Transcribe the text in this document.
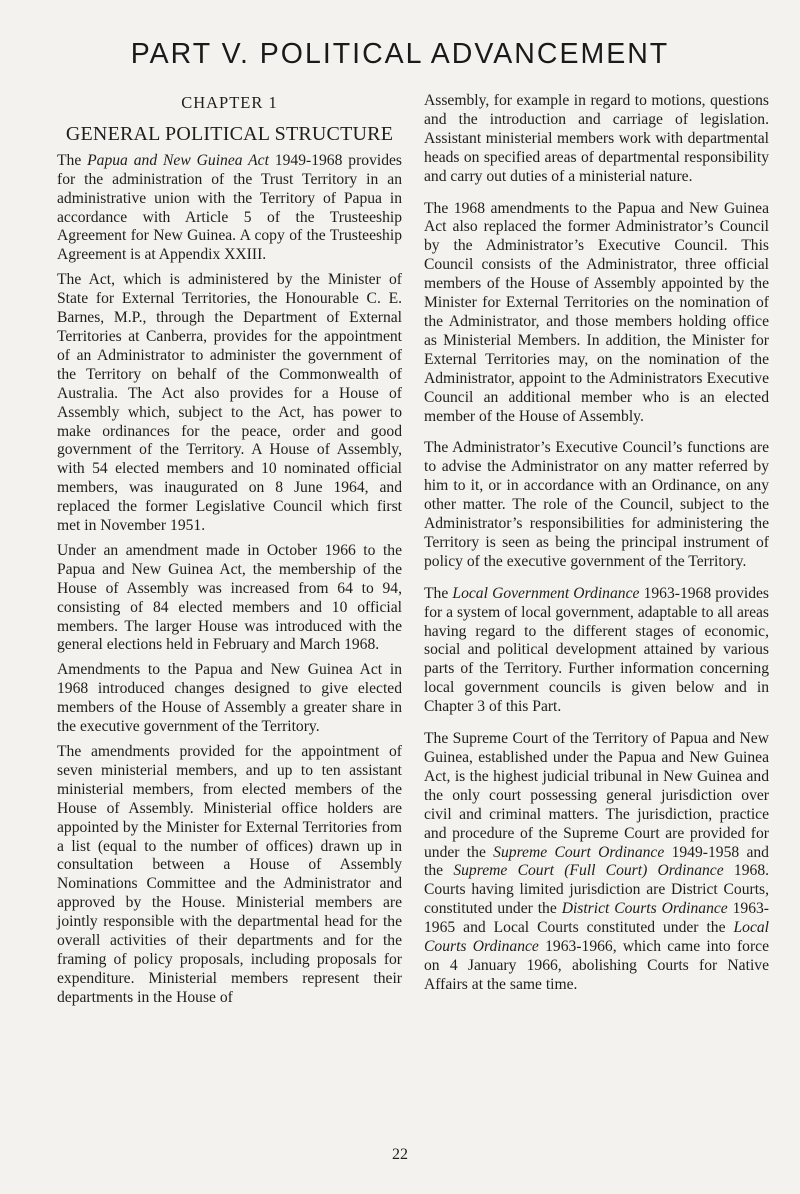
PART V. POLITICAL ADVANCEMENT
CHAPTER 1
GENERAL POLITICAL STRUCTURE

The Papua and New Guinea Act 1949-1968 provides for the administration of the Trust Territory in an administrative union with the Territory of Papua in accordance with Article 5 of the Trusteeship Agreement for New Guinea. A copy of the Trusteeship Agreement is at Appendix XXIII.

The Act, which is administered by the Minister of State for External Territories, the Honourable C. E. Barnes, M.P., through the Department of External Territories at Canberra, provides for the appointment of an Administrator to administer the government of the Territory on behalf of the Commonwealth of Australia. The Act also provides for a House of Assembly which, subject to the Act, has power to make ordinances for the peace, order and good government of the Territory. A House of Assembly, with 54 elected members and 10 nominated official members, was inaugurated on 8 June 1964, and replaced the former Legislative Council which first met in November 1951.

Under an amendment made in October 1966 to the Papua and New Guinea Act, the membership of the House of Assembly was increased from 64 to 94, consisting of 84 elected members and 10 official members. The larger House was introduced with the general elections held in February and March 1968.

Amendments to the Papua and New Guinea Act in 1968 introduced changes designed to give elected members of the House of Assembly a greater share in the executive government of the Territory.

The amendments provided for the appointment of seven ministerial members, and up to ten assistant ministerial members, from elected members of the House of Assembly. Ministerial office holders are appointed by the Minister for External Territories from a list (equal to the number of offices) drawn up in consultation between a House of Assembly Nominations Committee and the Administrator and approved by the House. Ministerial members are jointly responsible with the departmental head for the overall activities of their departments and for the framing of policy proposals, including proposals for expenditure. Ministerial members represent their departments in the House of

Assembly, for example in regard to motions, questions and the introduction and carriage of legislation. Assistant ministerial members work with departmental heads on specified areas of departmental responsibility and carry out duties of a ministerial nature.

The 1968 amendments to the Papua and New Guinea Act also replaced the former Administrator’s Council by the Administrator’s Executive Council. This Council consists of the Administrator, three official members of the House of Assembly appointed by the Minister for External Territories on the nomination of the Administrator, and those members holding office as Ministerial Members. In addition, the Minister for External Territories may, on the nomination of the Administrator, appoint to the Administrators Executive Council an additional member who is an elected member of the House of Assembly.

The Administrator’s Executive Council’s functions are to advise the Administrator on any matter referred by him to it, or in accordance with an Ordinance, on any other matter. The role of the Council, subject to the Administrator’s responsibilities for administering the Territory is seen as being the principal instrument of policy of the executive government of the Territory.

The Local Government Ordinance 1963-1968 provides for a system of local government, adaptable to all areas having regard to the different stages of economic, social and political development attained by various parts of the Territory. Further information concerning local government councils is given below and in Chapter 3 of this Part.

The Supreme Court of the Territory of Papua and New Guinea, established under the Papua and New Guinea Act, is the highest judicial tribunal in New Guinea and the only court possessing general jurisdiction over civil and criminal matters. The jurisdiction, practice and procedure of the Supreme Court are provided for under the Supreme Court Ordinance 1949-1958 and the Supreme Court (Full Court) Ordinance 1968. Courts having limited jurisdiction are District Courts, constituted under the District Courts Ordinance 1963-1965 and Local Courts constituted under the Local Courts Ordinance 1963-1966, which came into force on 4 January 1966, abolishing Courts for Native Affairs at the same time.

22
